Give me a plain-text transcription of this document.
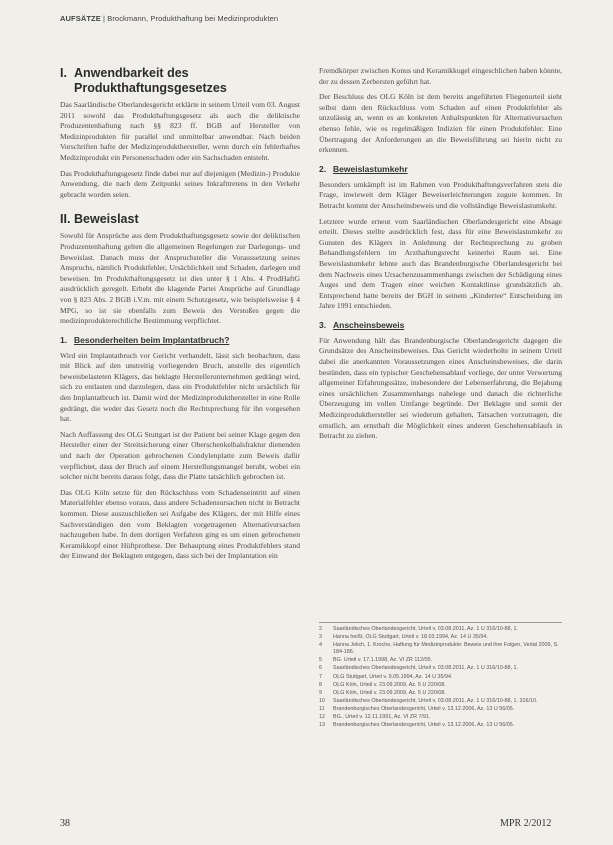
AUFSÄTZE | Brockmann, Produkthaftung bei Medizinprodukten
I. Anwendbarkeit des Produkthaftungsgesetzes

Das Saarländische Oberlandesgericht erklärte in seinem Urteil vom 03. August 2011 sowohl das Produkthaftungsgesetz als auch die deliktische Produzentenhaftung nach §§ 823 ff. BGB auf Hersteller von Medizinprodukten für parallel und unmittelbar anwendbar. Nach beiden Vorschriften hafte der Medizinprodukthersteller, wenn durch ein fehlerhaftes Medizinprodukt ein Personenschaden oder ein Sachschaden entsteht.

Das Produkthaftungsgesetz finde dabei nur auf diejenigen (Medizin-) Produkte Anwendung, die nach dem Zeitpunkt seines Inkrafttretens in den Verkehr gebracht worden seien.

II. Beweislast

Sowohl für Ansprüche aus dem Produkthaftungsgesetz sowie der deliktischen Produzentenhaftung gelten die allgemeinen Regelungen zur Darlegungs- und Beweislast. Danach muss der Anspruchsteller die Voraussetzung seines Anspruchs, nämlich Produktfehler, Ursächlichkeit und Schaden, darlegen und beweisen. Im Produkthaftungsgesetz ist dies unter § 1 Abs. 4 ProdHaftG ausdrücklich geregelt. Erhebt die klagende Partei Ansprüche auf Grundlage von § 823 Abs. 2 BGB i.V.m. mit einem Schutzgesetz, wie beispielsweise § 4 MPG, so ist sie ebenfalls zum Beweis des Verstoßes gegen die medizinprodukterechtliche Bestimmung verpflichtet.

1. Besonderheiten beim Implantatbruch?

Wird ein Implantatbruch vor Gericht verhandelt, lässt sich beobachten, dass mit Blick auf den unstreitig vorliegenden Bruch, anstelle des eigentlich beweisbelasteten Klägers, das beklagte Herstellerunternehmen gedrängt wird, sich zu entlasten und darzulegen, dass ein Produktfehler nicht ursächlich für den Implantatbruch ist. Damit wird der Medizinprodukthersteller in eine Rolle gedrängt, die weder das Gesetz noch die Rechtsprechung für ihn vorgesehen hat.

Nach Auffassung des OLG Stuttgart ist der Patient bei seiner Klage gegen den Hersteller einer der Streitsicherung einer Oberschenkelhalsfraktur dienenden und nach der Operation gebrochenen Condylenplatte zum Beweis dafür verpflichtet, dass der Bruch auf einem Herstellungsmangel beruht, wobei ein solcher nicht bereits daraus folgt, dass die Platte tatsächlich gebrochen ist.

Das OLG Köln setzte für den Rückschluss vom Schadenseintritt auf einen Materialfehler ebenso voraus, dass andere Schadensursachen nicht in Betracht kommen. Diese auszuschließen sei Aufgabe des Klägers, der mit Hilfe eines Sachverständigen den vom Beklagten vorgetragenen Alternativursachen nachzugehen habe. In dem dortigen Verfahren ging es um einen gebrochenen Keramikkopf einer Hüftprothese. Der Behauptung eines Produktfehlers stand der Einwand der Beklagten entgegen, dass sich bei der Implantation ein

Fremdkörper zwischen Konus und Keramikkugel eingeschlichen haben könnte, der zu dessen Zerbersten geführt hat.

Der Beschluss des OLG Köln ist dem bereits angeführten Fliegenurteil sieht selbst dann den Rückschluss vom Schaden auf einen Produktfehler als unzulässig an, wenn es an konkreten Anhaltspunkten für Alternativursachen ebenso fehle, wie es regelmäßigen Indizien für einen Produktfehler. Eine Übertragung der Anforderungen an die Beweisführung sei hierin nicht zu erkennen.

2. Beweislastumkehr

Besonders umkämpft ist im Rahmen von Produkthaftungsverfahren stets die Frage, inwieweit dem Kläger Beweiserleichterungen zugute kommen. In Betracht kommt der Anscheinsbeweis und die vollständige Beweislastumkehr.

Letztere wurde erneut vom Saarländischen Oberlandesgericht eine Absage erteilt. Dieses stellte ausdrücklich fest, dass für eine Beweislastumkehr zu Gunsten des Klägers in Anlehnung der Rechtsprechung zu groben Behandlungsfehlern im Arzthaftungsrecht keinerlei Raum sei. Eine Beweislastumkehr lehnte auch das Brandenburgische Oberlandesgericht bei dem Nachweis eines Ursachenzusammenhangs zwischen der Schädigung eines Auges und dem Tragen einer weichen Kontaktlinse grundsätzlich ab. Entsprechend hatte bereits der BGH in seinem „Kindertee“ Entscheidung im Jahre 1991 entschieden.

3. Anscheinsbeweis

Für Anwendung hält das Brandenburgische Oberlandesgericht dagegen die Grundsätze des Anscheinsbeweises. Das Gericht wiederholte in seinem Urteil dabei die anerkannten Voraussetzungen eines Anscheinsbeweises, die darin bestünden, dass ein typischer Geschehensablauf vorliege, der unter Verwertung allgemeiner Erfahrungssätze, insbesondere der Lebenserfahrung, die Bejahung eines ursächlichen Zusammenhangs nahelege und danach die richterliche Überzeugung im vollen Umfange begründe. Der Beklagte und somit der Medizinprodukthersteller sei wiederum gehalten, Tatsachen vorzutragen, die ernstlich, am ernsthaft die Möglichkeit eines anderen Geschehensablaufs in Betracht zu ziehen.

2	Saarländisches Oberlandesgericht, Urteil v. 03.08.2011, Az. 1 U 316/10-88, 1.
3	Hanna heißt, OLG Stuttgart, Urteil v. 18.03.1994, Az. 14 U 35/94.
4	Hanna Jelich, 1. Kroche, Haftung für Medizinprodukte: Beweis und ihre Folgen, Verlat 2009, S. 184-186.
5	BG. Urteil v. 17.1.1998, Az. VI ZR 112/05.
6	Saarländisches Oberlandesgericht, Urteil v. 03.08.2011, Az. 1 U 316/10-88, 1.
7	OLG Stuttgart, Urteil v. 9.05.1994, Az. 14 U 35/94.
8	OLG Köln, Urteil v. 23.09.2009, Az. 5 U 220/08.
9	OLG Köln, Urteil v. 23.09.2009, Az. 5 U 220/08.
10	Saarländisches Oberlandesgericht, Urteil v. 03.08.2011, Az. 1 U 316/10-88, 1. 316/10.
11	Brandenburgisches Oberlandesgericht, Urteil v. 13.12.2006, Az. 13 U 56/05.
12	BG., Urteil v. 12.11.1991, Az. VI ZR 7/91.
13	Brandenburgisches Oberlandesgericht, Urteil v. 13.12.2006, Az. 13 U 56/05.
38	MPR 2/2012
